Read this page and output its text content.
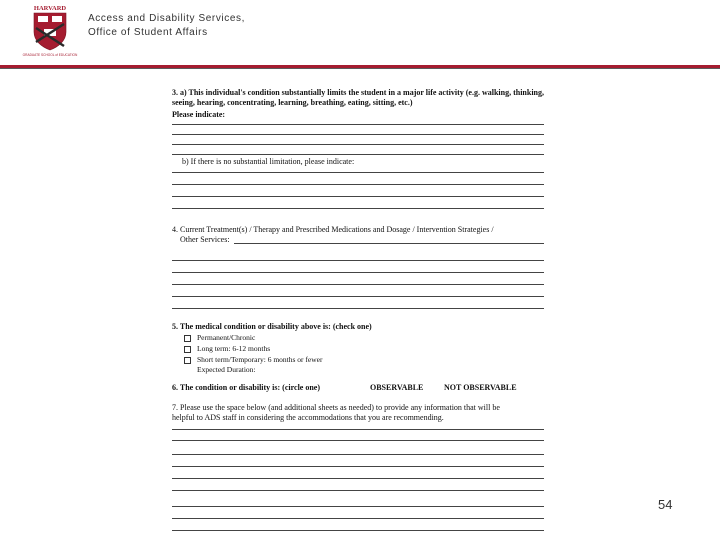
HARVARD
GRADUATE SCHOOL of EDUCATION
Access and Disability Services,
Office of Student Affairs
3. a) This individual's condition substantially limits the student in a major life activity (e.g. walking, thinking, seeing, hearing, concentrating, learning, breathing, eating, sitting, etc.)
Please indicate:
b) If there is no substantial limitation, please indicate:
4. Current Treatment(s) / Therapy and Prescribed Medications and Dosage / Intervention Strategies /
Other Services:
5. The medical condition or disability above is: (check one)
Permanent/Chronic
Long term: 6-12 months
Short term/Temporary: 6 months or fewer
Expected Duration:
6. The condition or disability is: (circle one)	OBSERVABLE	NOT OBSERVABLE
7. Please use the space below (and additional sheets as needed) to provide any information that will be
helpful to ADS staff in considering the accommodations that you are recommending.
54
